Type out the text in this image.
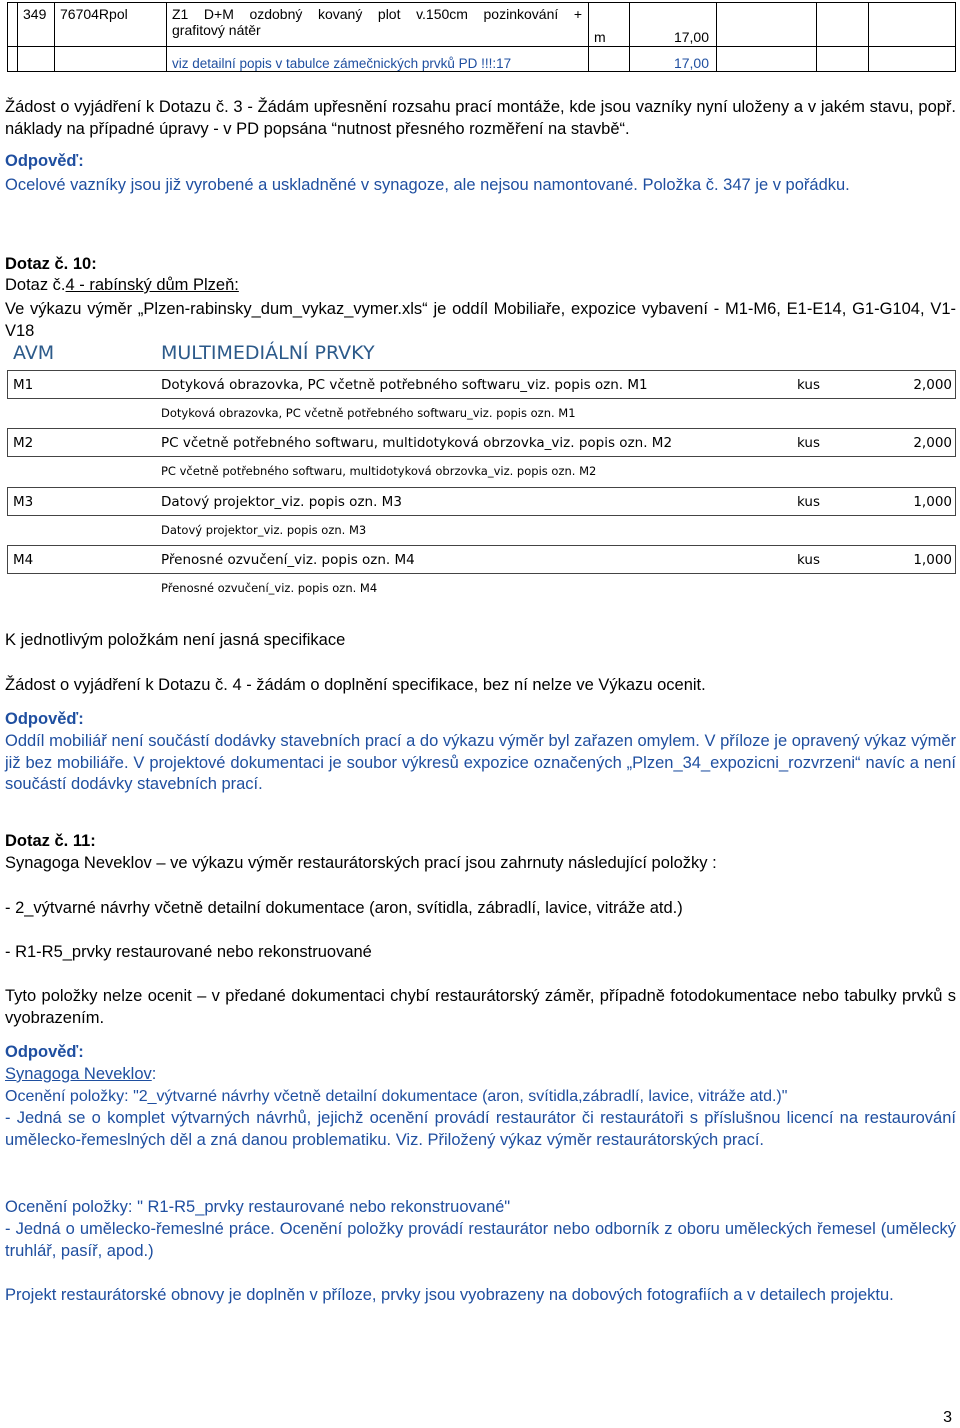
349 76704Rpol	Z1 D+M ozdobný kovaný plot v.150cm pozinkování +
grafitový nátěr	m	17,00
viz detailní popis v tabulce zámečnických prvků PD !!!:17	17,00
Žádost o vyjádření k Dotazu č. 3 - Žádám upřesnění rozsahu prací montáže, kde jsou vazníky nyní uloženy a v jakém stavu, popř. náklady na případné úpravy - v PD popsána “nutnost přesného rozměření na stavbě“.
Odpověď:
Ocelové vazníky jsou již vyrobené a uskladněné v synagoze, ale nejsou namontované. Položka č. 347 je v pořádku.
Dotaz č. 10:
Dotaz č.4 - rabínský dům Plzeň:
Ve výkazu výměr „Plzen-rabinsky_dum_vykaz_vymer.xls“ je oddíl Mobiliaře, expozice vybavení - M1-M6, E1-E14, G1-G104, V1-V18
AVM	MULTIMEDIÁLNÍ PRVKY
M1	Dotyková obrazovka, PC včetně potřebného softwaru_viz. popis ozn. M1	kus	2,000
Dotyková obrazovka, PC včetně potřebného softwaru_viz. popis ozn. M1
M2	PC včetně potřebného softwaru, multidotyková obrzovka_viz. popis ozn. M2	kus	2,000
PC včetně potřebného softwaru, multidotyková obrzovka_viz. popis ozn. M2
M3	Datový projektor_viz. popis ozn. M3	kus	1,000
Datový projektor_viz. popis ozn. M3
M4	Přenosné ozvučení_viz. popis ozn. M4	kus	1,000
Přenosné ozvučení_viz. popis ozn. M4
K jednotlivým položkám není jasná specifikace
Žádost o vyjádření k Dotazu č. 4 - žádám o doplnění specifikace, bez ní nelze ve Výkazu ocenit.
Odpověď:
Oddíl mobiliář není součástí dodávky stavebních prací a do výkazu výměr byl zařazen omylem. V příloze je opravený výkaz výměr již bez mobiliáře. V projektové dokumentaci je soubor výkresů expozice označených „Plzen_34_expozicni_rozvrzeni“ navíc a není součástí dodávky stavebních prací.
Dotaz č. 11:
Synagoga Neveklov – ve výkazu výměr restaurátorských prací jsou zahrnuty následující položky :
- 2_výtvarné návrhy včetně detailní dokumentace (aron, svítidla, zábradlí, lavice, vitráže atd.)
- R1-R5_prvky restaurované nebo rekonstruované
Tyto položky nelze ocenit – v předané dokumentaci chybí restaurátorský záměr, případně fotodokumentace nebo tabulky prvků s vyobrazením.
Odpověď:
Synagoga Neveklov:
Ocenění položky: "2_výtvarné návrhy včetně detailní dokumentace (aron, svítidla,zábradlí, lavice, vitráže atd.)"
- Jedná se o komplet výtvarných návrhů, jejichž ocenění provádí restaurátor či restaurátoři s příslušnou licencí na restaurování umělecko-řemeslných děl a zná danou problematiku. Viz. Přiložený výkaz výměr restaurátorských prací.
Ocenění položky: " R1-R5_prvky restaurované nebo rekonstruované"
- Jedná o umělecko-řemeslné práce. Ocenění položky provádí restaurátor nebo odborník z oboru uměleckých řemesel (umělecký truhlář, pasíř, apod.)
Projekt restaurátorské obnovy je doplněn v příloze, prvky jsou vyobrazeny na dobových fotografiích a v detailech projektu.
3
